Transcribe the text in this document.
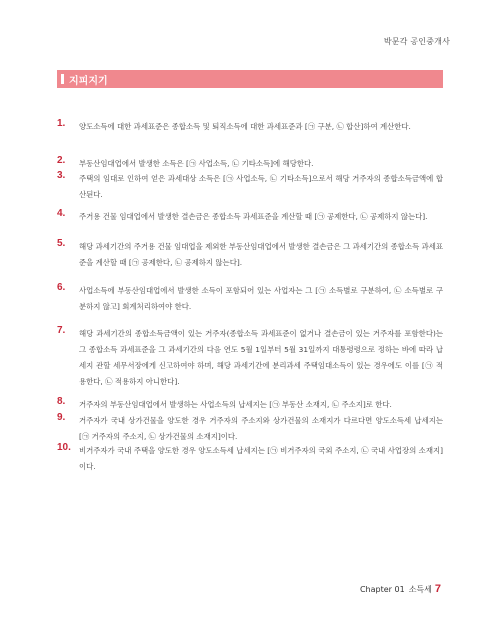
박문각 공인중개사
지피지기
1.	양도소득에 대한 과세표준은 종합소득 및 퇴직소득에 대한 과세표준과 [㉠ 구분, ㉡ 합산]하여 계산한다.
2.	부동산임대업에서 발생한 소득은 [㉠ 사업소득, ㉡ 기타소득]에 해당한다.
3.	주택의 임대로 인하여 얻은 과세대상 소득은 [㉠ 사업소득, ㉡ 기타소득]으로서 해당 거주자의 종합소득금액에 합산된다.
4.	주거용 건물 임대업에서 발생한 결손금은 종합소득 과세표준을 계산할 때 [㉠ 공제한다, ㉡ 공제하지 않는다].
5.	해당 과세기간의 주거용 건물 임대업을 제외한 부동산임대업에서 발생한 결손금은 그 과세기간의 종합소득 과세표준을 계산할 때 [㉠ 공제한다, ㉡ 공제하지 않는다].
6.	사업소득에 부동산임대업에서 발생한 소득이 포함되어 있는 사업자는 그 [㉠ 소득별로 구분하여, ㉡ 소득별로 구분하지 않고] 회계처리하여야 한다.
7.	해당 과세기간의 종합소득금액이 있는 거주자(종합소득 과세표준이 없거나 결손금이 있는 거주자를 포함한다)는 그 종합소득 과세표준을 그 과세기간의 다음 연도 5월 1일부터 5월 31일까지 대통령령으로 정하는 바에 따라 납세지 관할 세무서장에게 신고하여야 하며, 해당 과세기간에 분리과세 주택임대소득이 있는 경우에도 이를 [㉠ 적용한다, ㉡ 적용하지 아니한다].
8.	거주자의 부동산임대업에서 발생하는 사업소득의 납세지는 [㉠ 부동산 소재지, ㉡ 주소지]로 한다.
9.	거주자가 국내 상가건물을 양도한 경우 거주자의 주소지와 상가건물의 소재지가 다르다면 양도소득세 납세지는 [㉠ 거주자의 주소지, ㉡ 상가건물의 소재지]이다.
10.	비거주자가 국내 주택을 양도한 경우 양도소득세 납세지는 [㉠ 비거주자의 국외 주소지, ㉡ 국내 사업장의 소재지]이다.
Chapter 01 소득세 7
